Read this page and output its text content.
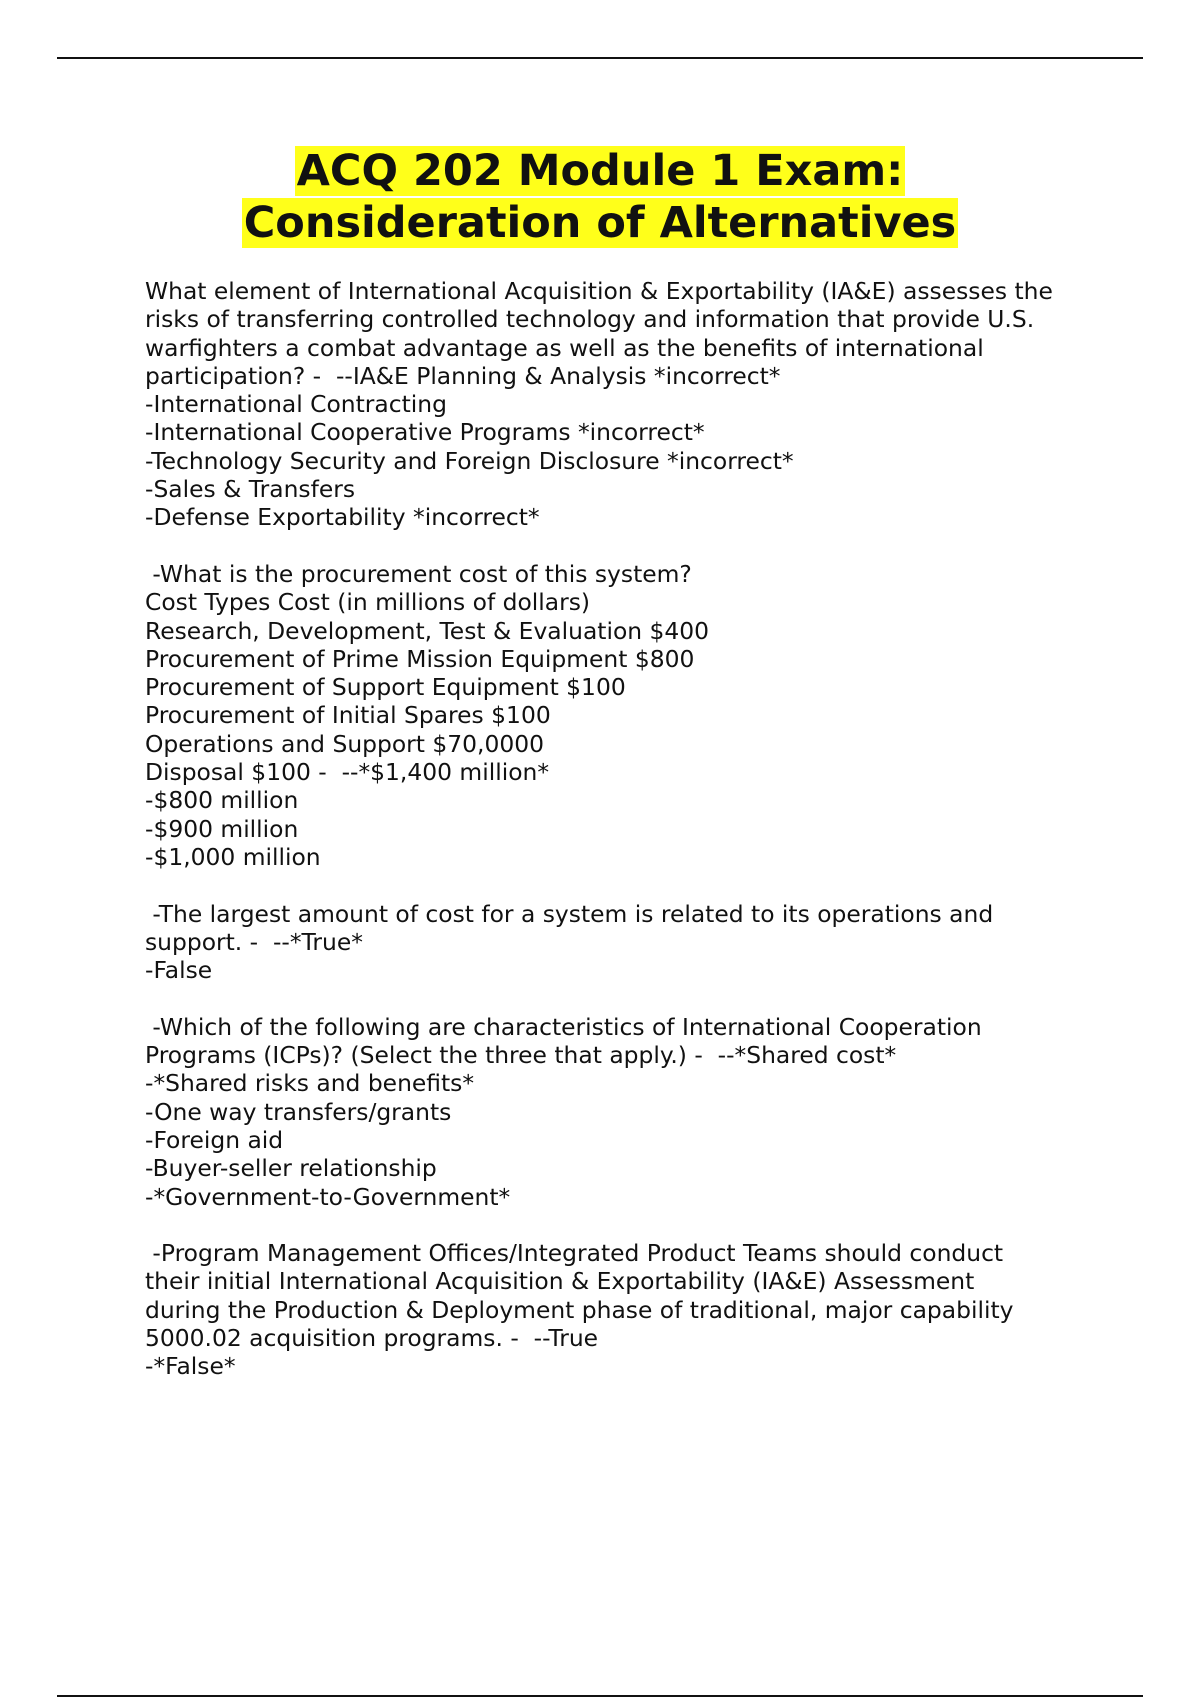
ACQ 202 Module 1 Exam:
Consideration of Alternatives
What element of International Acquisition & Exportability (IA&E) assesses the
risks of transferring controlled technology and information that provide U.S.
warfighters a combat advantage as well as the benefits of international
participation? -  --IA&E Planning & Analysis *incorrect*
-International Contracting
-International Cooperative Programs *incorrect*
-Technology Security and Foreign Disclosure *incorrect*
-Sales & Transfers
-Defense Exportability *incorrect*
-What is the procurement cost of this system?
Cost Types Cost (in millions of dollars)
Research, Development, Test & Evaluation $400
Procurement of Prime Mission Equipment $800
Procurement of Support Equipment $100
Procurement of Initial Spares $100
Operations and Support $70,0000
Disposal $100 -  --*$1,400 million*
-$800 million
-$900 million
-$1,000 million
-The largest amount of cost for a system is related to its operations and
support. -  --*True*
-False
-Which of the following are characteristics of International Cooperation
Programs (ICPs)? (Select the three that apply.) -  --*Shared cost*
-*Shared risks and benefits*
-One way transfers/grants
-Foreign aid
-Buyer-seller relationship
-*Government-to-Government*
-Program Management Offices/Integrated Product Teams should conduct
their initial International Acquisition & Exportability (IA&E) Assessment
during the Production & Deployment phase of traditional, major capability
5000.02 acquisition programs. -  --True
-*False*
